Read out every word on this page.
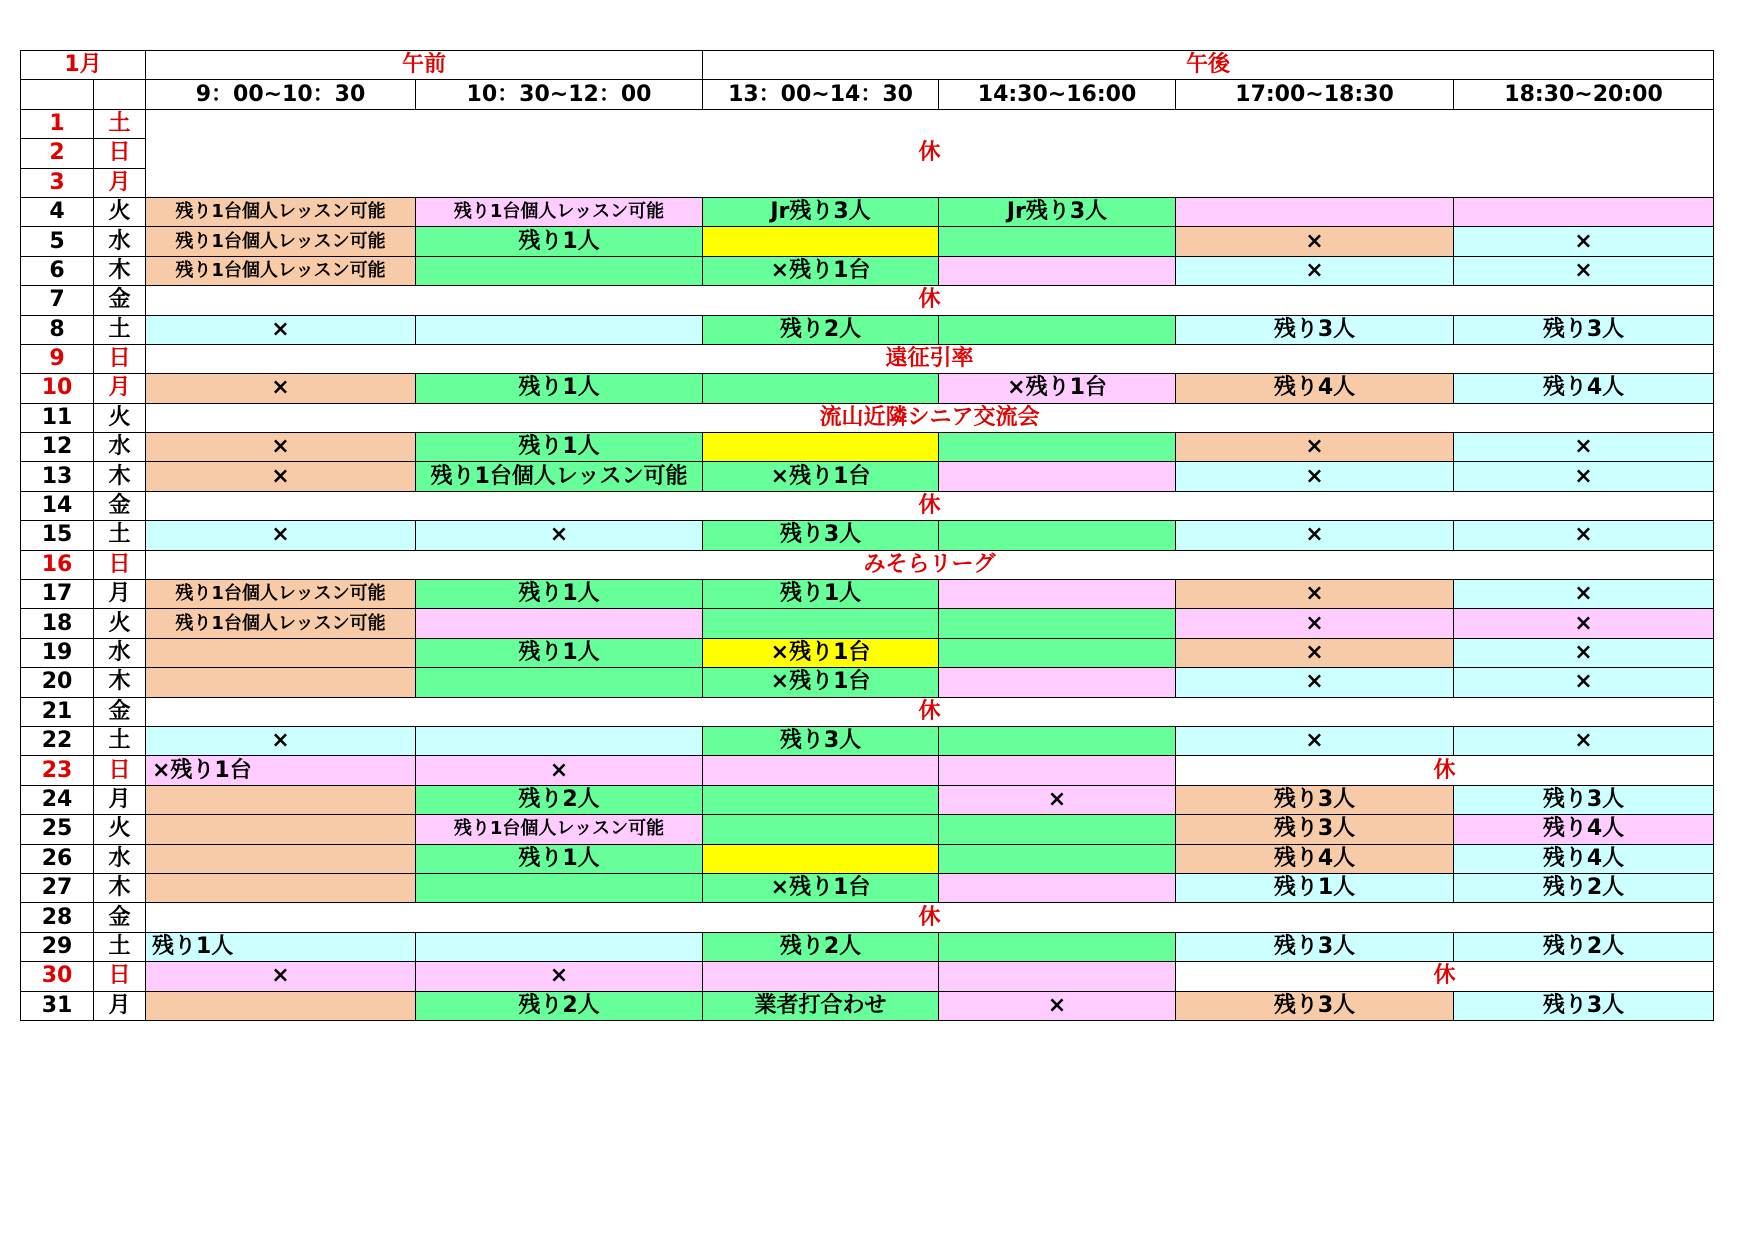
1月		午前		午後			
		9：00~10：30	10：30~12：00	13：00~14：30	14:30~16:00	17:00~18:30	18:30~20:00
1	土	休					
2	日						
3	月						
4	火	残り1台個人レッスン可能	残り1台個人レッスン可能	Jr残り3人	Jr残り3人		
5	水	残り1台個人レッスン可能	残り1人			×	×
6	木	残り1台個人レッスン可能		×残り1台		×	×
7	金	休					
8	土	×		残り2人		残り3人	残り3人
9	日	遠征引率					
10	月	×	残り1人		×残り1台	残り4人	残り4人
11	火	流山近隣シニア交流会					
12	水	×	残り1人			×	×
13	木	×	残り1台個人レッスン可能	×残り1台		×	×
14	金	休					
15	土	×	×	残り3人		×	×
16	日	みそらリーグ					
17	月	残り1台個人レッスン可能	残り1人	残り1人		×	×
18	火	残り1台個人レッスン可能				×	×
19	水		残り1人	×残り1台		×	×
20	木			×残り1台		×	×
21	金	休					
22	土	×		残り3人		×	×
23	日	×残り1台	×			休	
24	月		残り2人		×	残り3人	残り3人
25	火		残り1台個人レッスン可能			残り3人	残り4人
26	水		残り1人			残り4人	残り4人
27	木			×残り1台		残り1人	残り2人
28	金	休					
29	土	残り1人		残り2人		残り3人	残り2人
30	日	×	×			休	
31	月		残り2人	業者打合わせ	×	残り3人	残り3人
